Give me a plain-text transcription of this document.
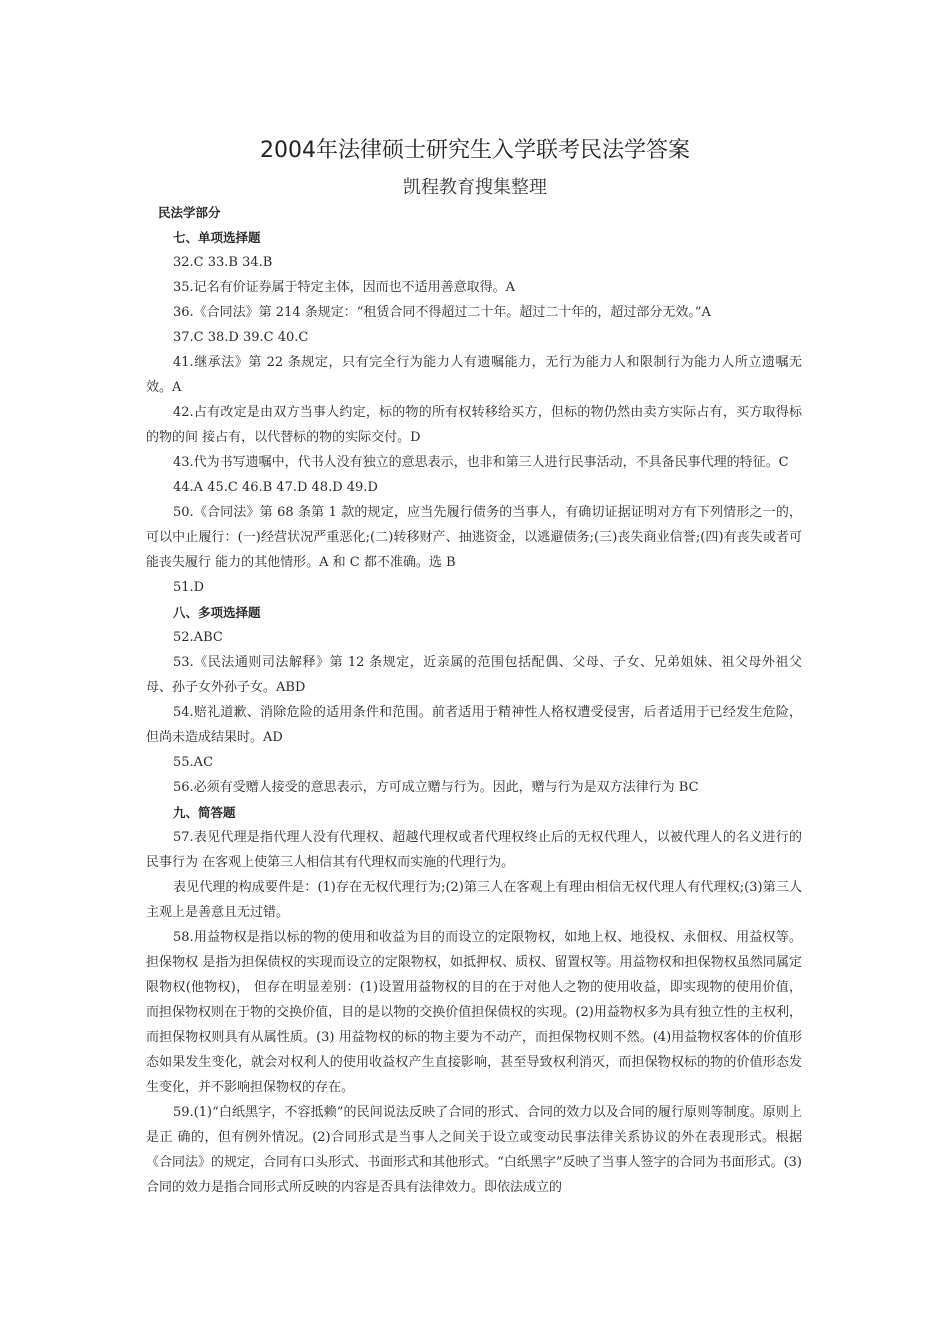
2004年法律硕士研究生入学联考民法学答案
凯程教育搜集整理

民法学部分

七、单项选择题

32.C 33.B 34.B

35.记名有价证券属于特定主体，因而也不适用善意取得。A

36.《合同法》第 214 条规定：“租赁合同不得超过二十年。超过二十年的，超过部分无效。”A

37.C 38.D 39.C 40.C

41.继承法》第 22 条规定，只有完全行为能力人有遗嘱能力，无行为能力人和限制行为能力人所立遗嘱无效。A

42.占有改定是由双方当事人约定，标的物的所有权转移给买方，但标的物仍然由卖方实际占有，买方取得标的物的间 接占有，以代替标的物的实际交付。D

43.代为书写遗嘱中，代书人没有独立的意思表示，也非和第三人进行民事活动，不具备民事代理的特征。C

44.A 45.C 46.B 47.D 48.D 49.D

50.《合同法》第 68 条第 1 款的规定，应当先履行债务的当事人，有确切证据证明对方有下列情形之一的，可以中止履行：(一)经营状况严重恶化;(二)转移财产、抽逃资金，以逃避债务;(三)丧失商业信誉;(四)有丧失或者可能丧失履行 能力的其他情形。A 和 C 都不准确。选 B

51.D

八、多项选择题

52.ABC

53.《民法通则司法解释》第 12 条规定，近亲属的范围包括配偶、父母、子女、兄弟姐妹、祖父母外祖父母、孙子女外孙子女。ABD

54.赔礼道歉、消除危险的适用条件和范围。前者适用于精神性人格权遭受侵害，后者适用于已经发生危险，但尚未造成结果时。AD

55.AC

56.必须有受赠人接受的意思表示，方可成立赠与行为。因此，赠与行为是双方法律行为 BC

九、简答题

57.表见代理是指代理人没有代理权、超越代理权或者代理权终止后的无权代理人，以被代理人的名义进行的民事行为 在客观上使第三人相信其有代理权而实施的代理行为。

表见代理的构成要件是：(1)存在无权代理行为;(2)第三人在客观上有理由相信无权代理人有代理权;(3)第三人主观上是善意且无过错。

58.用益物权是指以标的物的使用和收益为目的而设立的定限物权，如地上权、地役权、永佃权、用益权等。担保物权 是指为担保债权的实现而设立的定限物权，如抵押权、质权、留置权等。用益物权和担保物权虽然同属定限物权(他物权)， 但存在明显差别：(1)设置用益物权的目的在于对他人之物的使用收益，即实现物的使用价值，而担保物权则在于物的交换价值，目的是以物的交换价值担保债权的实现。(2)用益物权多为具有独立性的主权利，而担保物权则具有从属性质。(3) 用益物权的标的物主要为不动产，而担保物权则不然。(4)用益物权客体的价值形态如果发生变化，就会对权利人的使用收益权产生直接影响，甚至导致权利消灭，而担保物权标的物的价值形态发生变化，并不影响担保物权的存在。

59.(1)“白纸黑字，不容抵赖”的民间说法反映了合同的形式、合同的效力以及合同的履行原则等制度。原则上是正 确的，但有例外情况。(2)合同形式是当事人之间关于设立或变动民事法律关系协议的外在表现形式。根据《合同法》的规定，合同有口头形式、书面形式和其他形式。“白纸黑字”反映了当事人签字的合同为书面形式。(3)合同的效力是指合同形式所反映的内容是否具有法律效力。即依法成立的
